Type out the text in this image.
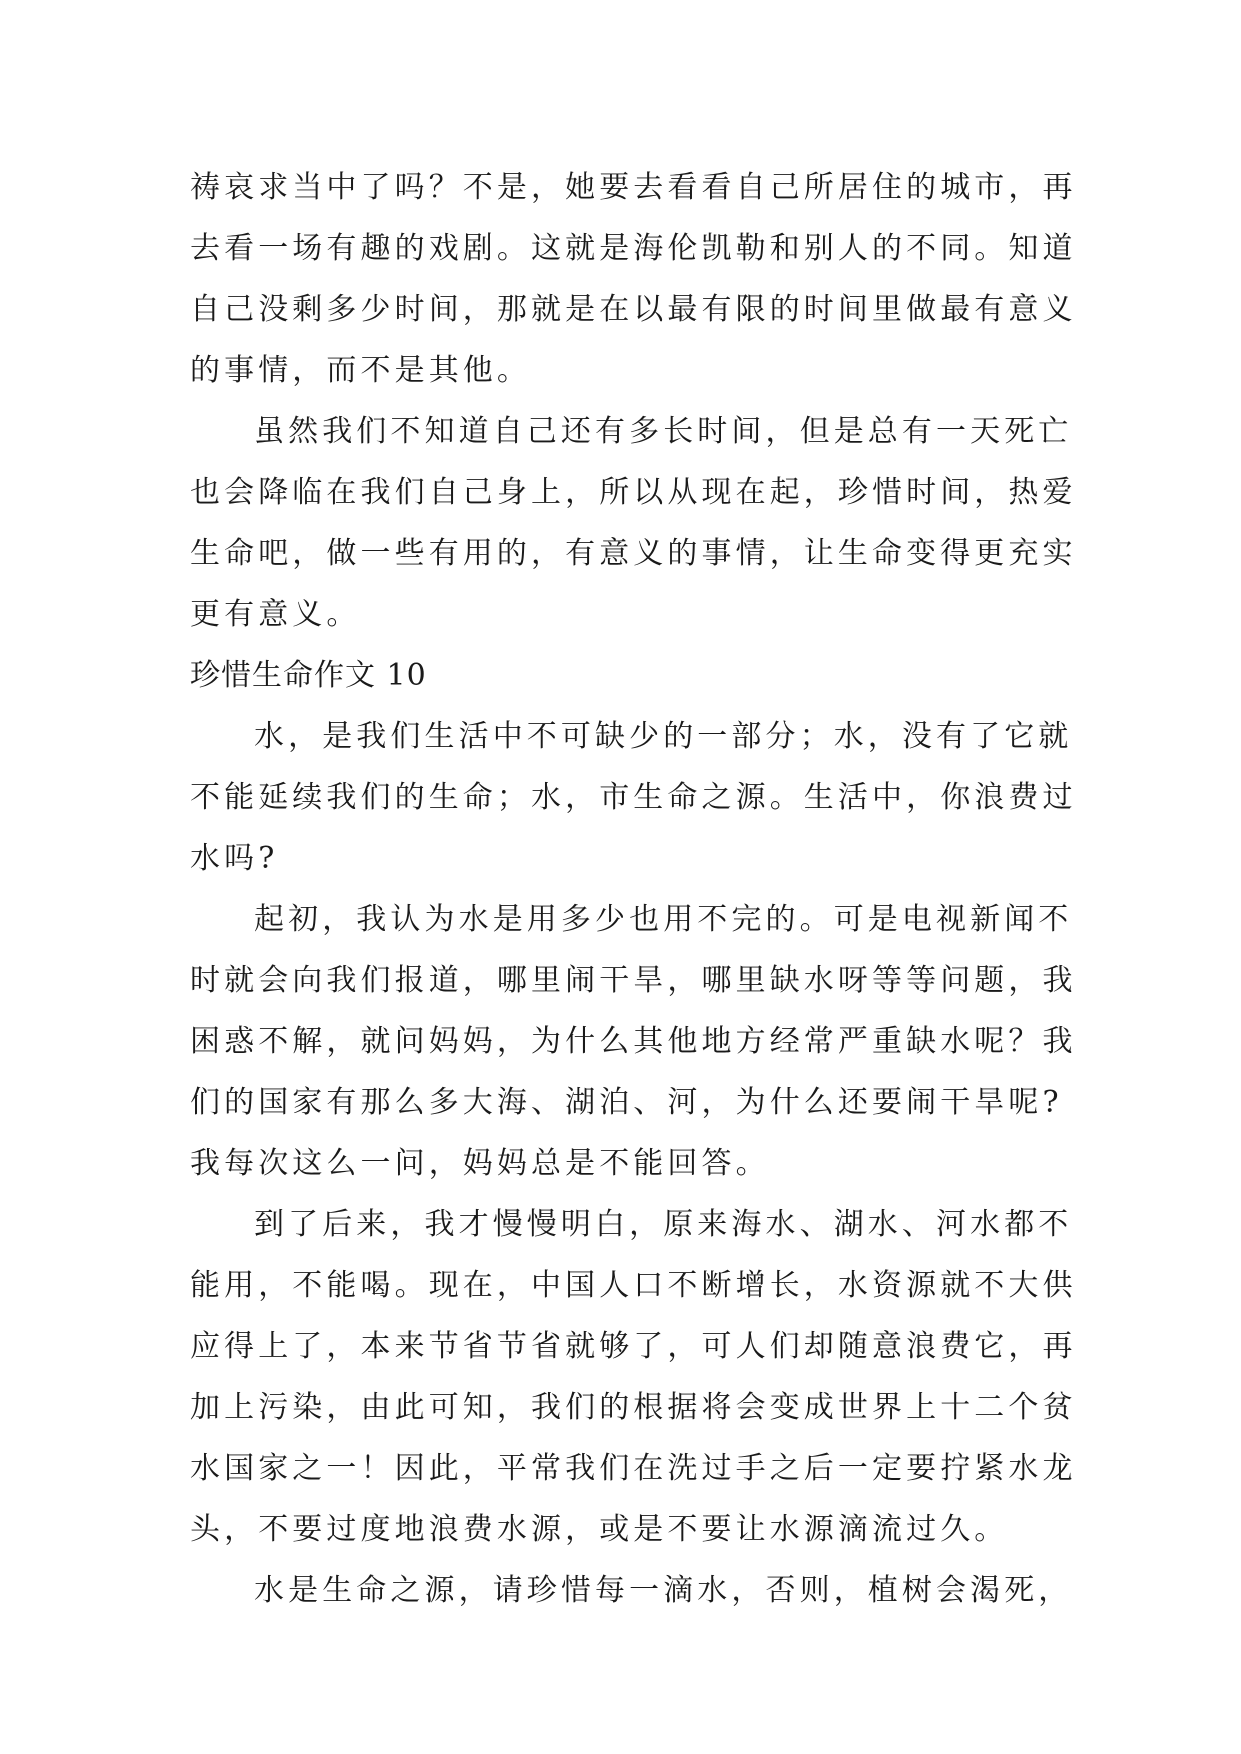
祷哀求当中了吗？不是，她要去看看自己所居住的城市，再
去看一场有趣的戏剧。这就是海伦凯勒和别人的不同。知道
自己没剩多少时间，那就是在以最有限的时间里做最有意义
的事情，而不是其他。
虽然我们不知道自己还有多长时间，但是总有一天死亡
也会降临在我们自己身上，所以从现在起，珍惜时间，热爱
生命吧，做一些有用的，有意义的事情，让生命变得更充实
更有意义。
珍惜生命作文 10
水，是我们生活中不可缺少的一部分；水，没有了它就
不能延续我们的生命；水，市生命之源。生活中，你浪费过
水吗?
起初，我认为水是用多少也用不完的。可是电视新闻不
时就会向我们报道，哪里闹干旱，哪里缺水呀等等问题，我
困惑不解，就问妈妈，为什么其他地方经常严重缺水呢？我
们的国家有那么多大海、湖泊、河，为什么还要闹干旱呢?
我每次这么一问，妈妈总是不能回答。
到了后来，我才慢慢明白，原来海水、湖水、河水都不
能用，不能喝。现在，中国人口不断增长，水资源就不大供
应得上了，本来节省节省就够了，可人们却随意浪费它，再
加上污染，由此可知，我们的根据将会变成世界上十二个贫
水国家之一！因此，平常我们在洗过手之后一定要拧紧水龙
头，不要过度地浪费水源，或是不要让水源滴流过久。
水是生命之源，请珍惜每一滴水，否则，植树会渴死，
